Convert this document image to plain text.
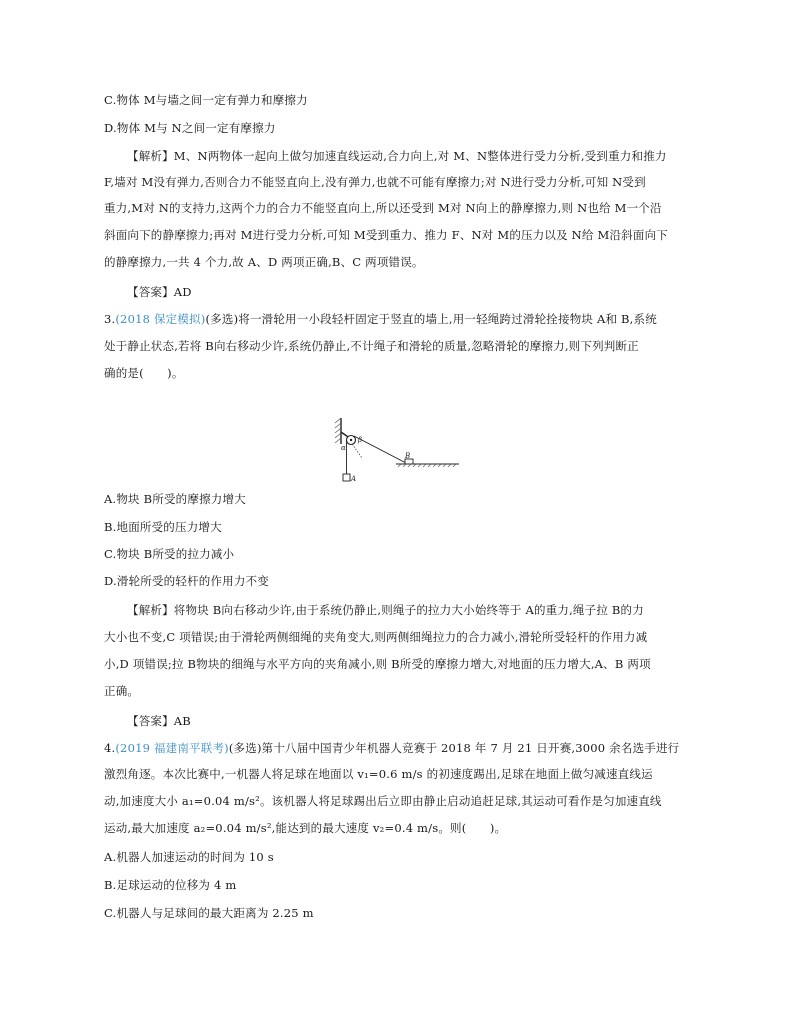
C.物体 M与墙之间一定有弹力和摩擦力
D.物体 M与 N之间一定有摩擦力
【解析】M、N两物体一起向上做匀加速直线运动,合力向上,对 M、N整体进行受力分析,受到重力和推力
F,墙对 M没有弹力,否则合力不能竖直向上,没有弹力,也就不可能有摩擦力;对 N进行受力分析,可知 N受到
重力,M对 N的支持力,这两个力的合力不能竖直向上,所以还受到 M对 N向上的静摩擦力,则 N也给 M一个沿
斜面向下的静摩擦力;再对 M进行受力分析,可知 M受到重力、推力 F、N对 M的压力以及 N给 M沿斜面向下
的静摩擦力,一共 4 个力,故 A、D 两项正确,B、C 两项错误。
【答案】AD
3.(2018 保定模拟)(多选)将一滑轮用一小段轻杆固定于竖直的墙上,用一轻绳跨过滑轮拴接物块 A和 B,系统
处于静止状态,若将 B向右移动少许,系统仍静止,不计绳子和滑轮的质量,忽略滑轮的摩擦力,则下列判断正
确的是(　　)。
α
β
A
B
A.物块 B所受的摩擦力增大
B.地面所受的压力增大
C.物块 B所受的拉力减小
D.滑轮所受的轻杆的作用力不变
【解析】将物块 B向右移动少许,由于系统仍静止,则绳子的拉力大小始终等于 A的重力,绳子拉 B的力
大小也不变,C 项错误;由于滑轮两侧细绳的夹角变大,则两侧细绳拉力的合力减小,滑轮所受轻杆的作用力减
小,D 项错误;拉 B物块的细绳与水平方向的夹角减小,则 B所受的摩擦力增大,对地面的压力增大,A、B 两项
正确。
【答案】AB
4.(2019 福建南平联考)(多选)第十八届中国青少年机器人竞赛于 2018 年 7 月 21 日开赛,3000 余名选手进行
激烈角逐。本次比赛中,一机器人将足球在地面以 v₁=0.6 m/s 的初速度踢出,足球在地面上做匀减速直线运
动,加速度大小 a₁=0.04 m/s²。该机器人将足球踢出后立即由静止启动追赶足球,其运动可看作是匀加速直线
运动,最大加速度 a₂=0.04 m/s²,能达到的最大速度 v₂=0.4 m/s。则(　　)。
A.机器人加速运动的时间为 10 s
B.足球运动的位移为 4 m
C.机器人与足球间的最大距离为 2.25 m
